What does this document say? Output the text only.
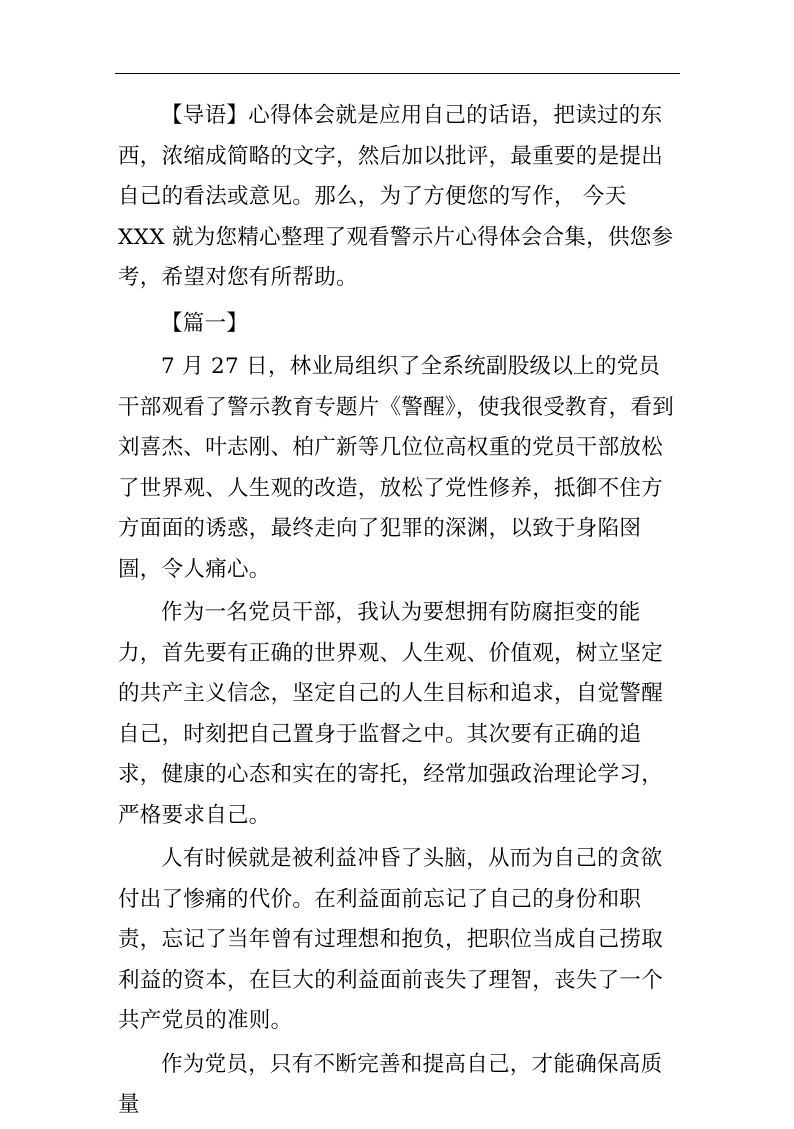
【导语】心得体会就是应用自己的话语，把读过的东西，浓缩成简略的文字，然后加以批评，最重要的是提出自己的看法或意见。那么，为了方便您的写作， 今天 XXX 就为您精心整理了观看警示片心得体会合集，供您参考，希望对您有所帮助。

【篇一】

7 月 27 日，林业局组织了全系统副股级以上的党员干部观看了警示教育专题片《警醒》，使我很受教育，看到刘喜杰、叶志刚、柏广新等几位位高权重的党员干部放松了世界观、人生观的改造，放松了党性修养，抵御不住方方面面的诱惑，最终走向了犯罪的深渊，以致于身陷囹圄，令人痛心。

作为一名党员干部，我认为要想拥有防腐拒变的能力，首先要有正确的世界观、人生观、价值观，树立坚定的共产主义信念，坚定自己的人生目标和追求，自觉警醒自己，时刻把自己置身于监督之中。其次要有正确的追求，健康的心态和实在的寄托，经常加强政治理论学习，严格要求自己。

人有时候就是被利益冲昏了头脑，从而为自己的贪欲付出了惨痛的代价。在利益面前忘记了自己的身份和职责，忘记了当年曾有过理想和抱负，把职位当成自己捞取利益的资本，在巨大的利益面前丧失了理智，丧失了一个共产党员的准则。

作为党员，只有不断完善和提高自己，才能确保高质量
